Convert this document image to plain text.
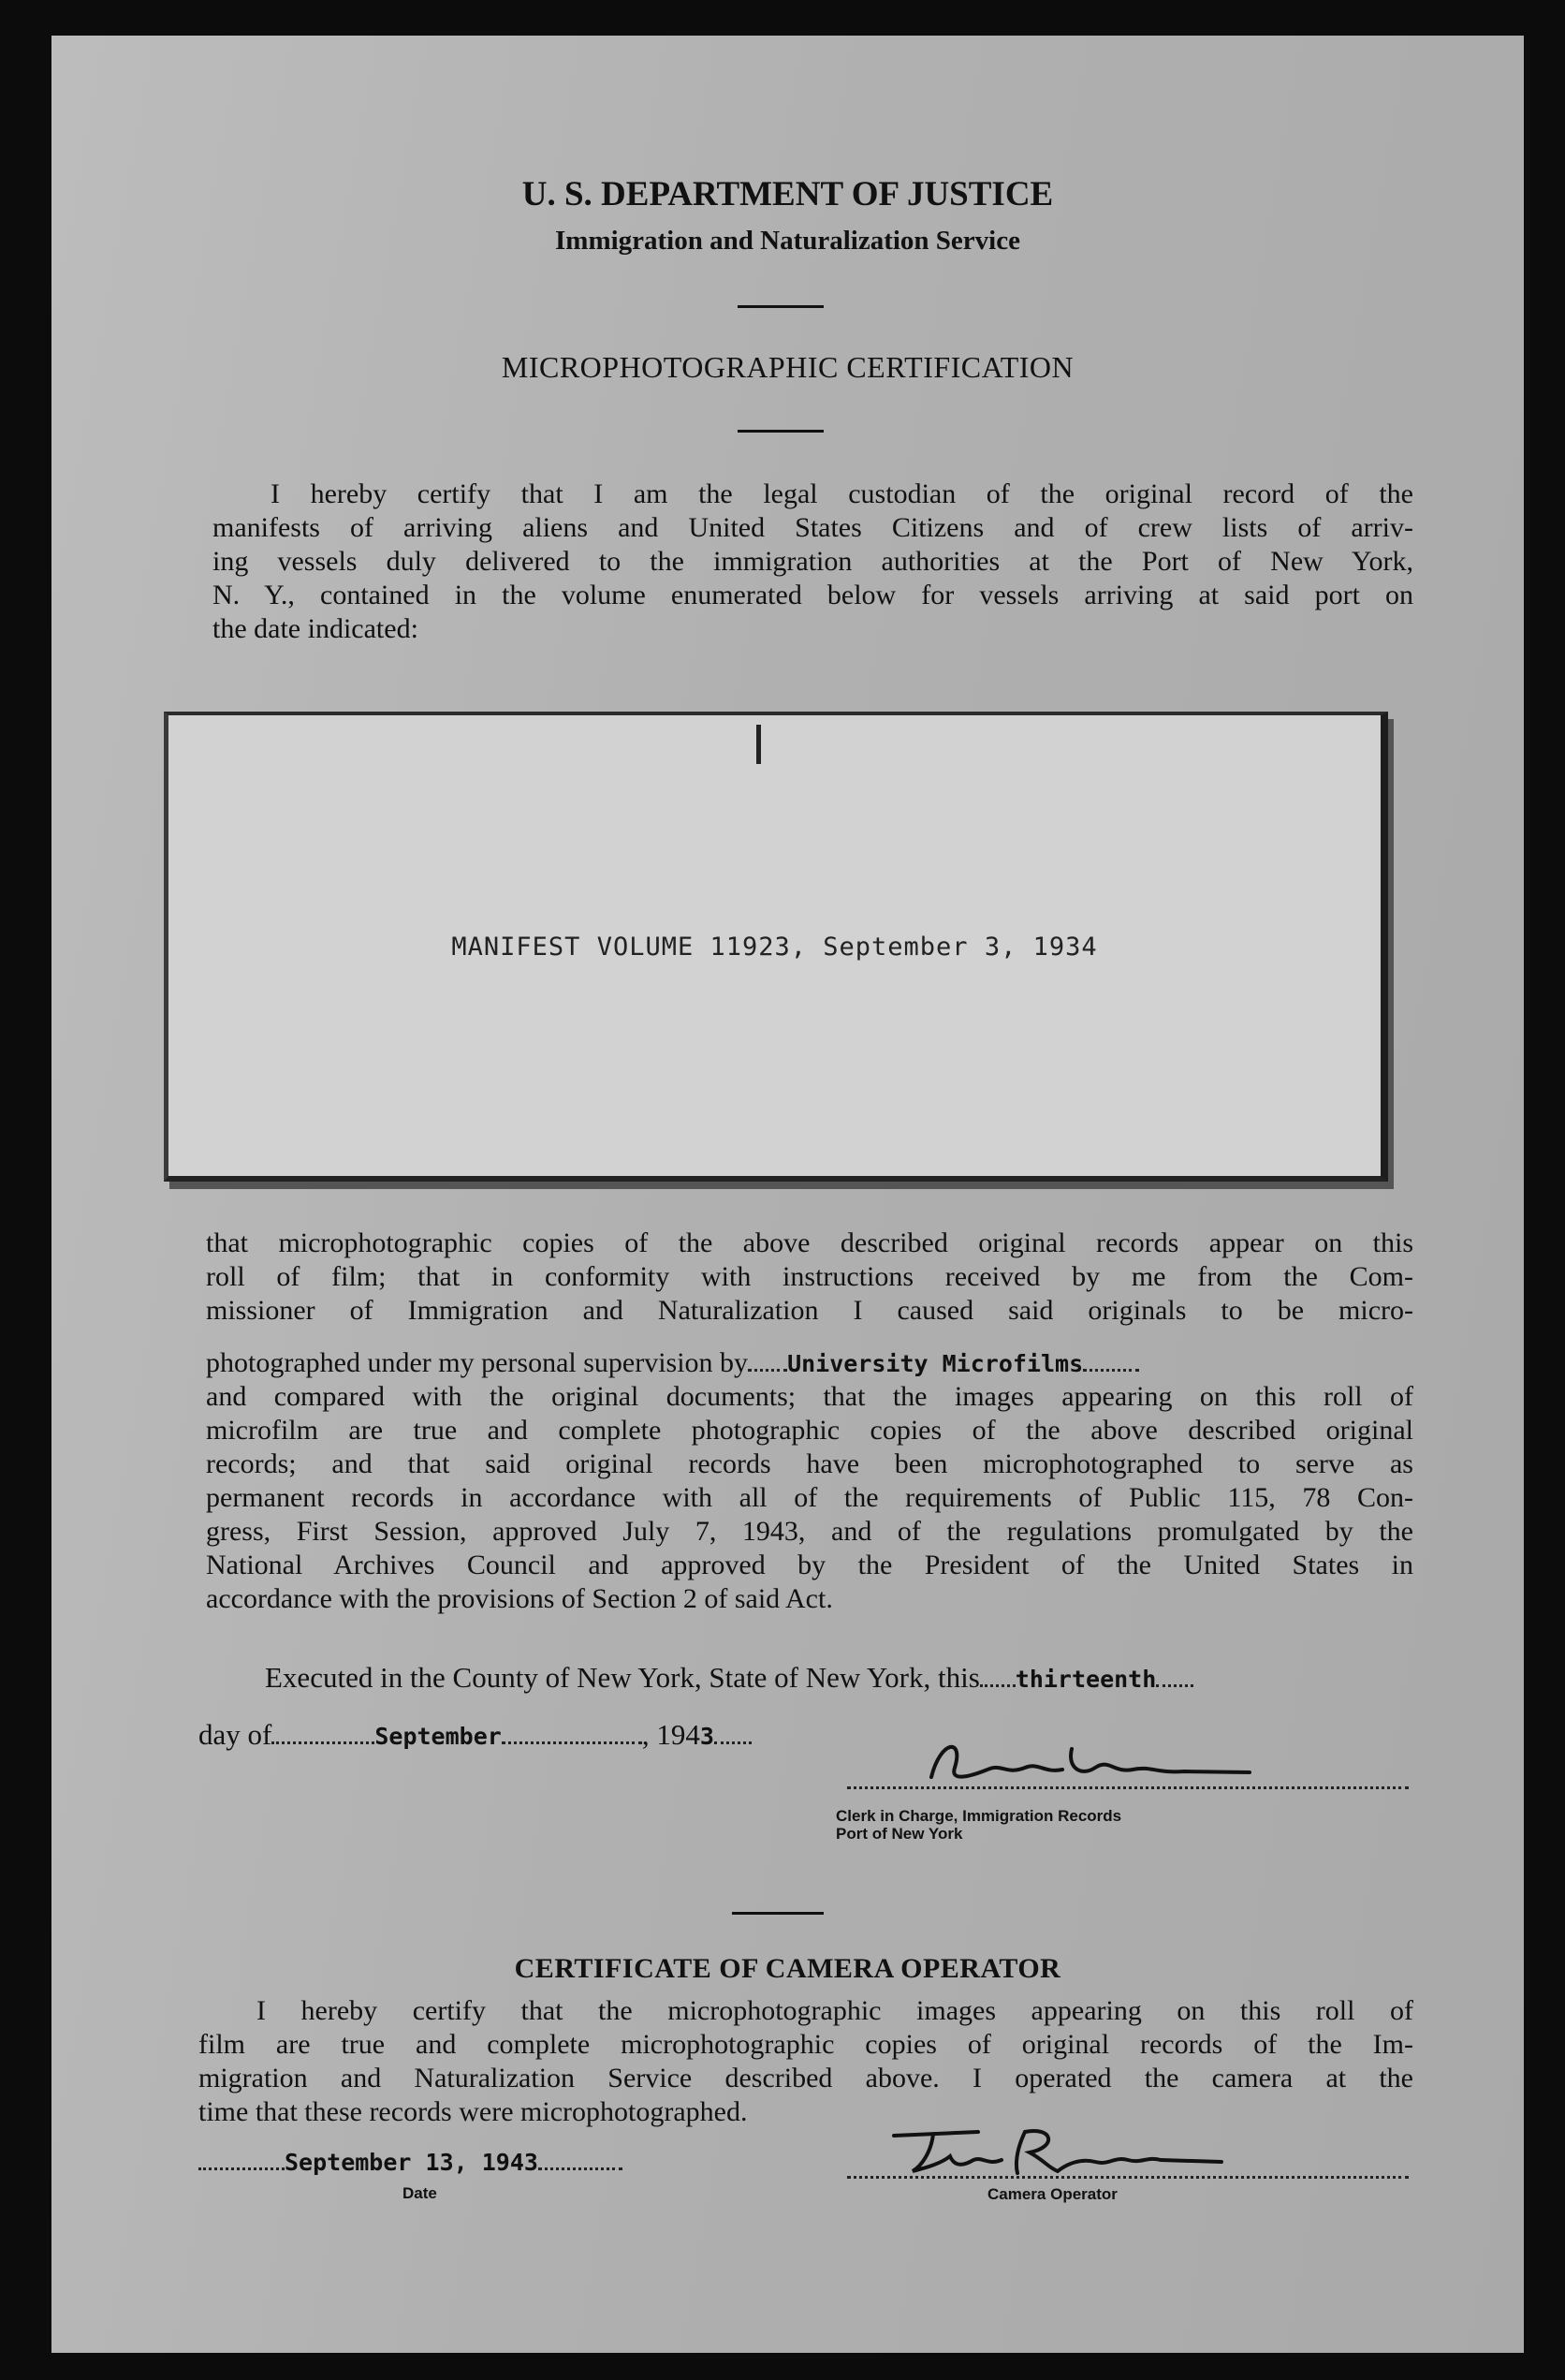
U. S. DEPARTMENT OF JUSTICE
Immigration and Naturalization Service
MICROPHOTOGRAPHIC CERTIFICATION
I hereby certify that I am the legal custodian of the original record of the
manifests of arriving aliens and United States Citizens and of crew lists of arriv-
ing vessels duly delivered to the immigration authorities at the Port of New York,
N. Y., contained in the volume enumerated below for vessels arriving at said port on
the date indicated:
MANIFEST VOLUME 11923, September 3, 1934
that microphotographic copies of the above described original records appear on this
roll of film; that in conformity with instructions received by me from the Com-
missioner of Immigration and Naturalization I caused said originals to be micro-
photographed under my personal supervision by University Microfilms
and compared with the original documents; that the images appearing on this roll of
microfilm are true and complete photographic copies of the above described original
records; and that said original records have been microphotographed to serve as
permanent records in accordance with all of the requirements of Public 115, 78 Con-
gress, First Session, approved July 7, 1943, and of the regulations promulgated by the
National Archives Council and approved by the President of the United States in
accordance with the provisions of Section 2 of said Act.
Executed in the County of New York, State of New York, this thirteenth
day of	September	, 1943
Clerk in Charge, Immigration Records
Port of New York
CERTIFICATE OF CAMERA OPERATOR
I hereby certify that the microphotographic images appearing on this roll of
film are true and complete microphotographic copies of original records of the Im-
migration and Naturalization Service described above. I operated the camera at the
time that these records were microphotographed.
September 13, 1943
Date	Camera Operator
